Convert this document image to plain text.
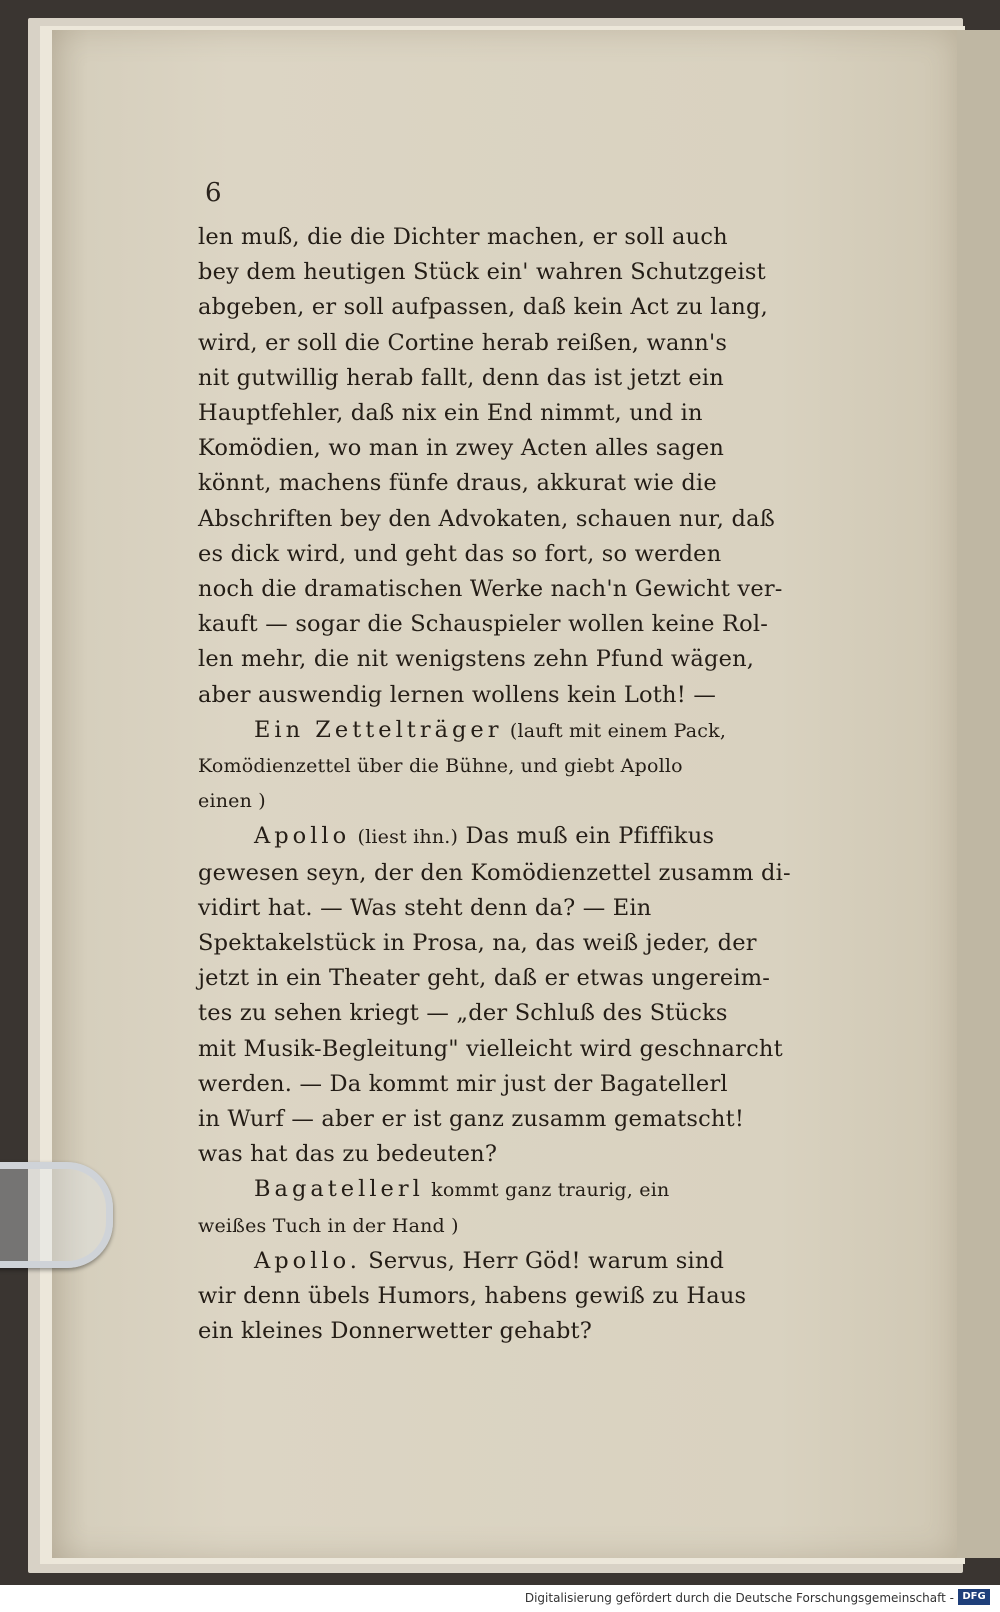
6
len muß, die die Dichter machen, er soll auch
bey dem heutigen Stück ein' wahren Schutzgeist
abgeben, er soll aufpassen, daß kein Act zu lang,
wird, er soll die Cortine herab reißen, wann's
nit gutwillig herab fallt, denn das ist jetzt ein
Hauptfehler, daß nix ein End nimmt, und in
Komödien, wo man in zwey Acten alles sagen
könnt, machens fünfe draus, akkurat wie die
Abschriften bey den Advokaten, schauen nur, daß
es dick wird, und geht das so fort, so werden
noch die dramatischen Werke nach'n Gewicht ver-
kauft — sogar die Schauspieler wollen keine Rol-
len mehr, die nit wenigstens zehn Pfund wägen,
aber auswendig lernen wollens kein Loth! —
Ein Zettelträger (lauft mit einem Pack,
Komödienzettel über die Bühne, und giebt Apollo
einen )
Apollo (liest ihn.) Das muß ein Pfiffikus
gewesen seyn, der den Komödienzettel zusamm di-
vidirt hat. — Was steht denn da? — Ein
Spektakelstück in Prosa, na, das weiß jeder, der
jetzt in ein Theater geht, daß er etwas ungereim-
tes zu sehen kriegt — „der Schluß des Stücks
mit Musik-Begleitung" vielleicht wird geschnarcht
werden. — Da kommt mir just der Bagatellerl
in Wurf — aber er ist ganz zusamm gematscht!
was hat das zu bedeuten?
Bagatellerl kommt ganz traurig, ein
weißes Tuch in der Hand )
Apollo. Servus, Herr Göd! warum sind
wir denn übels Humors, habens gewiß zu Haus
ein kleines Donnerwetter gehabt?
Digitalisierung gefördert durch die Deutsche Forschungsgemeinschaft - DFG
